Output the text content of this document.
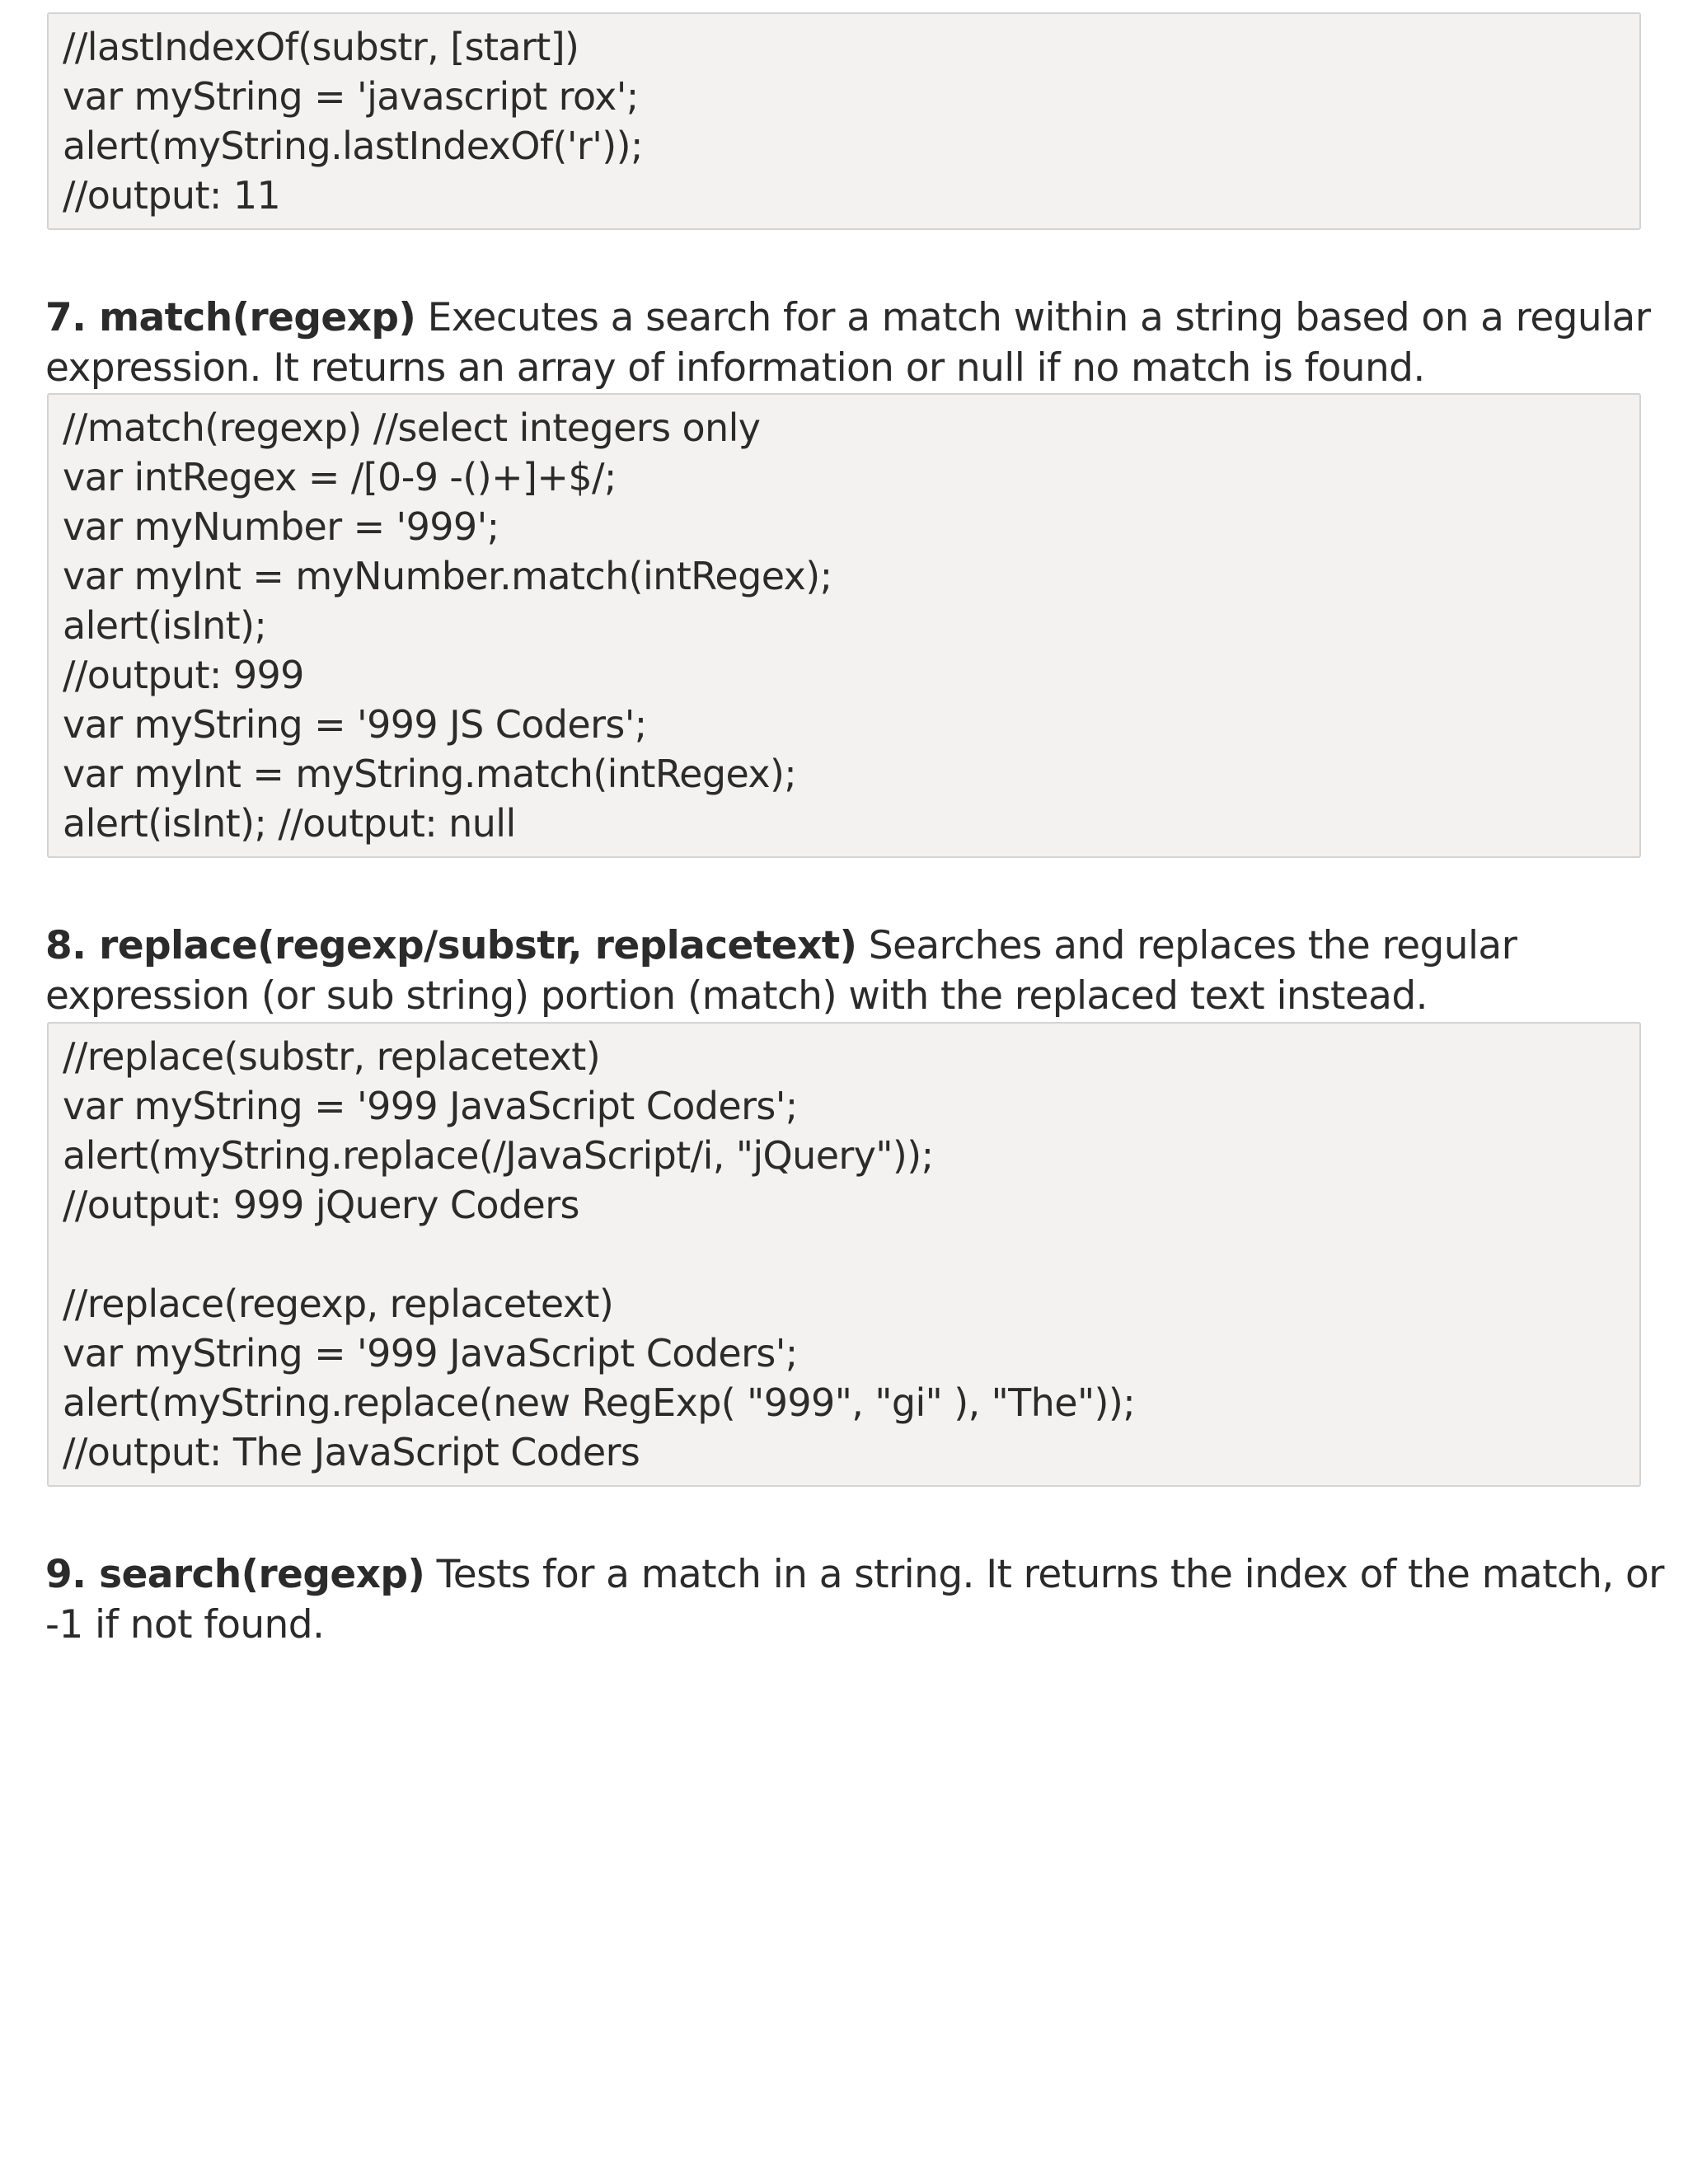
//lastIndexOf(substr, [start])
var myString = 'javascript rox';
alert(myString.lastIndexOf('r'));
//output: 11
7. match(regexp) Executes a search for a match within a string based on a regular
expression. It returns an array of information or null if no match is found.
//match(regexp) //select integers only
var intRegex = /[0-9 -()+]+$/;
var myNumber = '999';
var myInt = myNumber.match(intRegex);
alert(isInt);
//output: 999
var myString = '999 JS Coders';
var myInt = myString.match(intRegex);
alert(isInt); //output: null
8. replace(regexp/substr, replacetext) Searches and replaces the regular
expression (or sub string) portion (match) with the replaced text instead.
//replace(substr, replacetext)
var myString = '999 JavaScript Coders';
alert(myString.replace(/JavaScript/i, "jQuery"));
//output: 999 jQuery Coders
//replace(regexp, replacetext)
var myString = '999 JavaScript Coders';
alert(myString.replace(new RegExp( "999", "gi" ), "The"));
//output: The JavaScript Coders
9. search(regexp) Tests for a match in a string. It returns the index of the match, or
-1 if not found.
